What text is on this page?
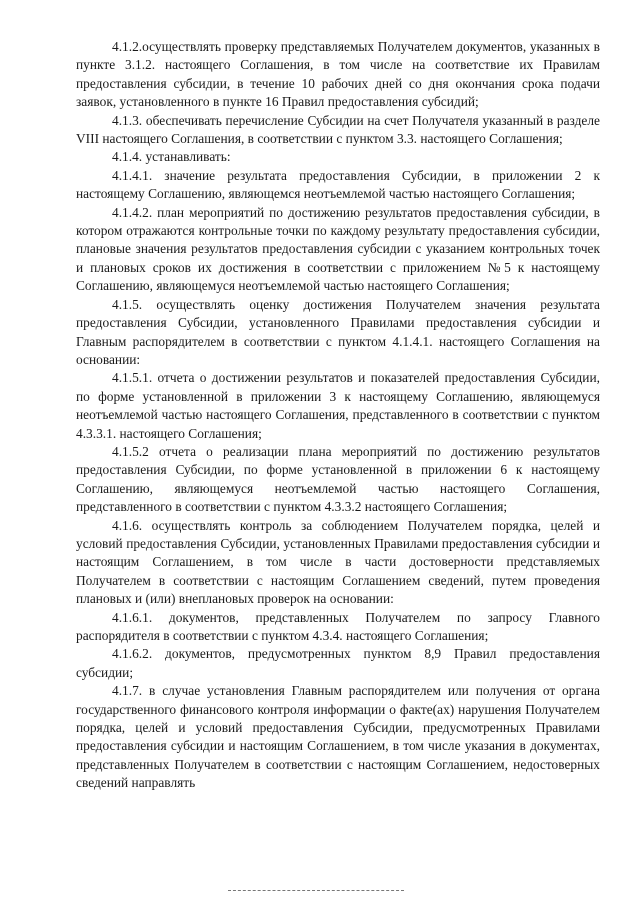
4.1.2.осуществлять проверку представляемых Получателем документов, указанных в пункте 3.1.2. настоящего Соглашения, в том числе на соответствие их Правилам предоставления субсидии, в течение 10 рабочих дней со дня окончания срока подачи заявок, установленного в пункте 16 Правил предоставления субсидий;

4.1.3. обеспечивать перечисление Субсидии на счет Получателя указанный в разделе VIII настоящего Соглашения, в соответствии с пунктом 3.3. настоящего Соглашения;

4.1.4. устанавливать:

4.1.4.1. значение результата предоставления Субсидии, в приложении 2 к настоящему Соглашению, являющемся неотъемлемой частью настоящего Соглашения;

4.1.4.2. план мероприятий по достижению результатов предоставления субсидии, в котором отражаются контрольные точки по каждому результату предоставления субсидии, плановые значения результатов предоставления субсидии с указанием контрольных точек и плановых сроков их достижения в соответствии с приложением №5 к настоящему Соглашению, являющемуся неотъемлемой частью настоящего Соглашения;

4.1.5. осуществлять оценку достижения Получателем значения результата предоставления Субсидии, установленного Правилами предоставления субсидии и Главным распорядителем в соответствии с пунктом 4.1.4.1. настоящего Соглашения на основании:

4.1.5.1. отчета о достижении результатов и показателей предоставления Субсидии, по форме установленной в приложении 3 к настоящему Соглашению, являющемуся неотъемлемой частью настоящего Соглашения, представленного в соответствии с пунктом 4.3.3.1. настоящего Соглашения;

4.1.5.2 отчета о реализации плана мероприятий по достижению результатов предоставления Субсидии, по форме установленной в приложении 6 к настоящему Соглашению, являющемуся неотъемлемой частью настоящего Соглашения, представленного в соответствии с пунктом 4.3.3.2 настоящего Соглашения;

4.1.6. осуществлять контроль за соблюдением Получателем порядка, целей и условий предоставления Субсидии, установленных Правилами предоставления субсидии и настоящим Соглашением, в том числе в части достоверности представляемых Получателем в соответствии с настоящим Соглашением сведений, путем проведения плановых и (или) внеплановых проверок на основании:

4.1.6.1. документов, представленных Получателем по запросу Главного распорядителя в соответствии с пунктом 4.3.4. настоящего Соглашения;

4.1.6.2. документов, предусмотренных пунктом 8,9 Правил предоставления субсидии;

4.1.7. в случае установления Главным распорядителем или получения от органа государственного финансового контроля информации о факте(ах) нарушения Получателем порядка, целей и условий предоставления Субсидии, предусмотренных Правилами предоставления субсидии и настоящим Соглашением, в том числе указания в документах, представленных Получателем в соответствии с настоящим Соглашением, недостоверных сведений направлять
